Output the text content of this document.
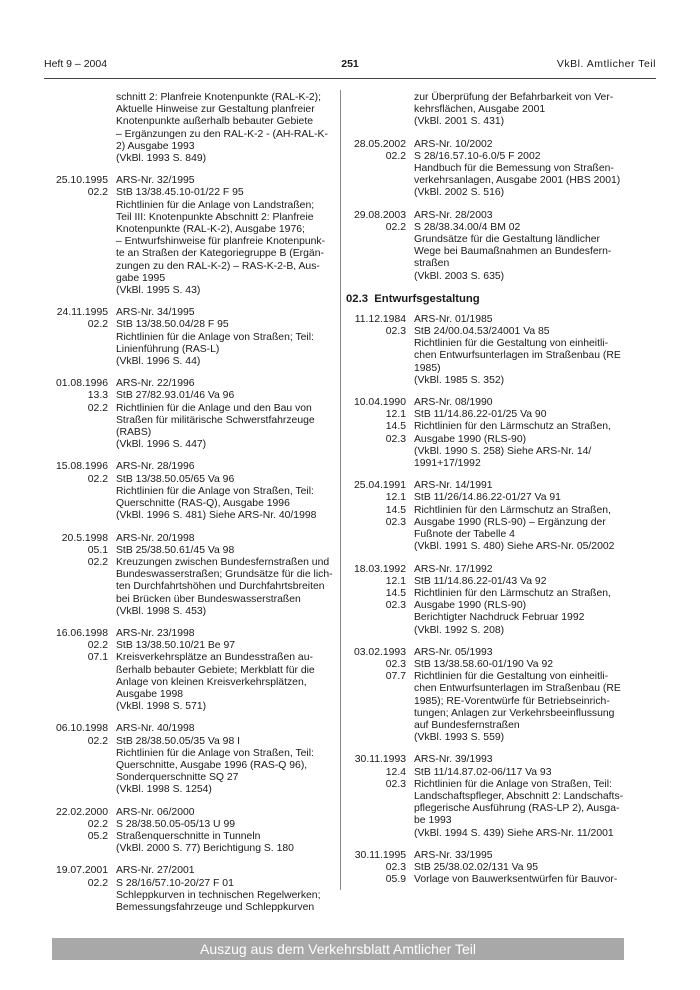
Heft 9 – 2004	251	VkBl. Amtlicher Teil

schnitt 2: Planfreie Knotenpunkte (RAL-K-2);
Aktuelle Hinweise zur Gestaltung planfreier
Knotenpunkte außerhalb bebauter Gebiete
– Ergänzungen zu den RAL-K-2 - (AH-RAL-K-
2) Ausgabe 1993
(VkBl. 1993 S. 849)
25.10.1995
02.2
ARS-Nr. 32/1995
StB 13/38.45.10-01/22 F 95
Richtlinien für die Anlage von Landstraßen;
Teil III: Knotenpunkte Abschnitt 2: Planfreie
Knotenpunkte (RAL-K-2), Ausgabe 1976;
– Entwurfshinweise für planfreie Knotenpunk-
te an Straßen der Kategoriegruppe B (Ergän-
zungen zu den RAL-K-2) – RAS-K-2-B, Aus-
gabe 1995
(VkBl. 1995 S. 43)
24.11.1995
02.2
ARS-Nr. 34/1995
StB 13/38.50.04/28 F 95
Richtlinien für die Anlage von Straßen; Teil:
Linienführung (RAS-L)
(VkBl. 1996 S. 44)
01.08.1996
13.3
02.2
ARS-Nr. 22/1996
StB 27/82.93.01/46 Va 96
Richtlinien für die Anlage und den Bau von
Straßen für militärische Schwerstfahrzeuge
(RABS)
(VkBl. 1996 S. 447)
15.08.1996
02.2
ARS-Nr. 28/1996
StB 13/38.50.05/65 Va 96
Richtlinien für die Anlage von Straßen, Teil:
Querschnitte (RAS-Q), Ausgabe 1996
(VkBl. 1996 S. 481) Siehe ARS-Nr. 40/1998
20.5.1998
05.1
02.2
ARS-Nr. 20/1998
StB 25/38.50.61/45 Va 98
Kreuzungen zwischen Bundesfernstraßen und
Bundeswasserstraßen; Grundsätze für die lich-
ten Durchfahrtshöhen und Durchfahrtsbreiten
bei Brücken über Bundeswasserstraßen
(VkBl. 1998 S. 453)
16.06.1998
02.2
07.1
ARS-Nr. 23/1998
StB 13/38.50.10/21 Be 97
Kreisverkehrsplätze an Bundesstraßen au-
ßerhalb bebauter Gebiete; Merkblatt für die
Anlage von kleinen Kreisverkehrsplätzen,
Ausgabe 1998
(VkBl. 1998 S. 571)
06.10.1998
02.2
ARS-Nr. 40/1998
StB 28/38.50.05/35 Va 98 I
Richtlinien für die Anlage von Straßen, Teil:
Querschnitte, Ausgabe 1996 (RAS-Q 96),
Sonderquerschnitte SQ 27
(VkBl. 1998 S. 1254)
22.02.2000
02.2
05.2
ARS-Nr. 06/2000
S 28/38.50.05-05/13 U 99
Straßenquerschnitte in Tunneln
(VkBl. 2000 S. 77) Berichtigung S. 180
19.07.2001
02.2
ARS-Nr. 27/2001
S 28/16/57.10-20/27 F 01
Schleppkurven in technischen Regelwerken;
Bemessungsfahrzeuge und Schleppkurven

zur Überprüfung der Befahrbarkeit von Ver-
kehrsflächen, Ausgabe 2001
(VkBl. 2001 S. 431)
28.05.2002
02.2
ARS-Nr. 10/2002
S 28/16.57.10-6.0/5 F 2002
Handbuch für die Bemessung von Straßen-
verkehrsanlagen, Ausgabe 2001 (HBS 2001)
(VkBl. 2002 S. 516)
29.08.2003
02.2
ARS-Nr. 28/2003
S 28/38.34.00/4 BM 02
Grundsätze für die Gestaltung ländlicher
Wege bei Baumaßnahmen an Bundesfern-
straßen
(VkBl. 2003 S. 635)
02.3  Entwurfsgestaltung
11.12.1984
02.3
ARS-Nr. 01/1985
StB 24/00.04.53/24001 Va 85
Richtlinien für die Gestaltung von einheitli-
chen Entwurfsunterlagen im Straßenbau (RE
1985)
(VkBl. 1985 S. 352)
10.04.1990
12.1
14.5
02.3
ARS-Nr. 08/1990
StB 11/14.86.22-01/25 Va 90
Richtlinien für den Lärmschutz an Straßen,
Ausgabe 1990 (RLS-90)
(VkBl. 1990 S. 258) Siehe ARS-Nr. 14/
1991+17/1992
25.04.1991
12.1
14.5
02.3
ARS-Nr. 14/1991
StB 11/26/14.86.22-01/27 Va 91
Richtlinien für den Lärmschutz an Straßen,
Ausgabe 1990 (RLS-90) – Ergänzung der
Fußnote der Tabelle 4
(VkBl. 1991 S. 480) Siehe ARS-Nr. 05/2002
18.03.1992
12.1
14.5
02.3
ARS-Nr. 17/1992
StB 11/14.86.22-01/43 Va 92
Richtlinien für den Lärmschutz an Straßen,
Ausgabe 1990 (RLS-90)
Berichtigter Nachdruck Februar 1992
(VkBl. 1992 S. 208)
03.02.1993
02.3
07.7
ARS-Nr. 05/1993
StB 13/38.58.60-01/190 Va 92
Richtlinien für die Gestaltung von einheitli-
chen Entwurfsunterlagen im Straßenbau (RE
1985); RE-Vorentwürfe für Betriebseinrich-
tungen; Anlagen zur Verkehrsbeeinflussung
auf Bundesfernstraßen
(VkBl. 1993 S. 559)
30.11.1993
12.4
02.3
ARS-Nr. 39/1993
StB 11/14.87.02-06/117 Va 93
Richtlinien für die Anlage von Straßen, Teil:
Landschaftspfleger, Abschnitt 2: Landschafts-
pflegerische Ausführung (RAS-LP 2), Ausga-
be 1993
(VkBl. 1994 S. 439) Siehe ARS-Nr. 11/2001
30.11.1995
02.3
05.9
ARS-Nr. 33/1995
StB 25/38.02.02/131 Va 95
Vorlage von Bauwerksentwürfen für Bauvor-
Auszug aus dem Verkehrsblatt Amtlicher Teil
